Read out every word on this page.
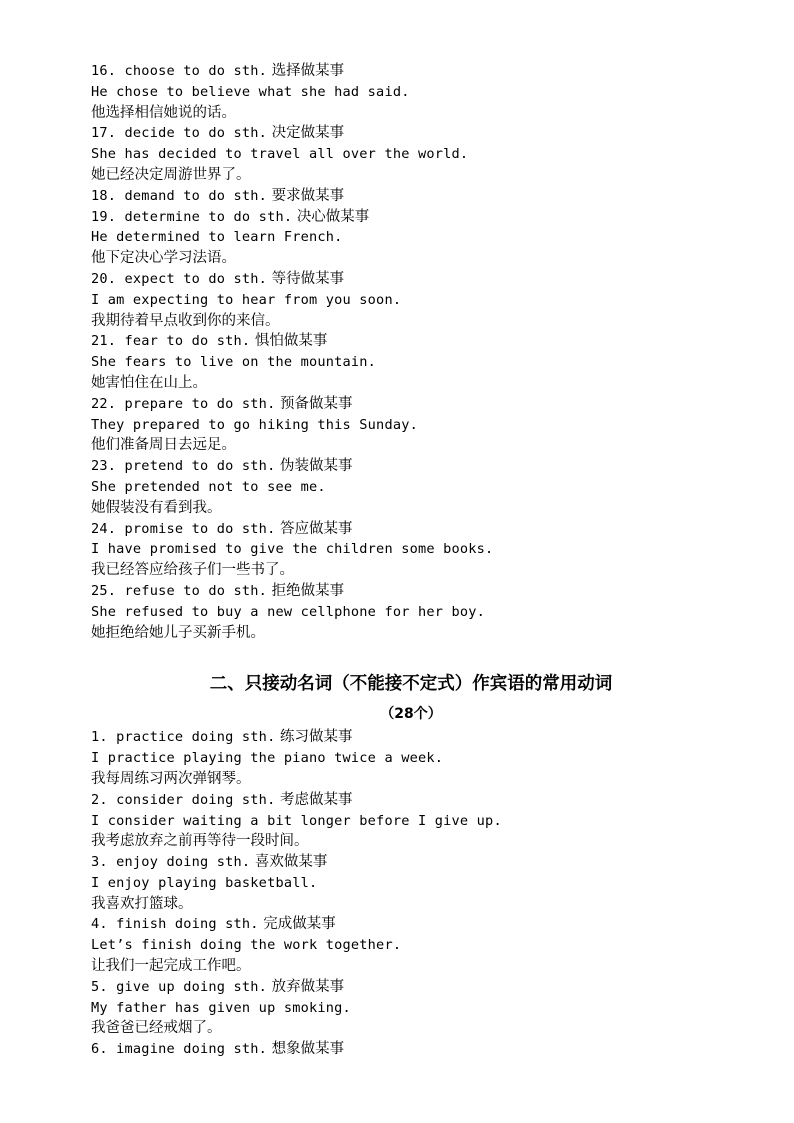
16. choose to do sth. 选择做某事
He chose to believe what she had said.
他选择相信她说的话。
17. decide to do sth. 决定做某事
She has decided to travel all over the world.
她已经决定周游世界了。
18. demand to do sth. 要求做某事
19. determine to do sth. 决心做某事
He determined to learn French.
他下定决心学习法语。
20. expect to do sth. 等待做某事
I am expecting to hear from you soon.
我期待着早点收到你的来信。
21. fear to do sth. 惧怕做某事
She fears to live on the mountain.
她害怕住在山上。
22. prepare to do sth. 预备做某事
They prepared to go hiking this Sunday.
他们准备周日去远足。
23. pretend to do sth. 伪装做某事
She pretended not to see me.
她假装没有看到我。
24. promise to do sth. 答应做某事
I have promised to give the children some books.
我已经答应给孩子们一些书了。
25. refuse to do sth. 拒绝做某事
She refused to buy a new cellphone for her boy.
她拒绝给她儿子买新手机。
二、只接动名词（不能接不定式）作宾语的常用动词
（28个）
1. practice doing sth. 练习做某事
I practice playing the piano twice a week.
我每周练习两次弹钢琴。
2. consider doing sth. 考虑做某事
I consider waiting a bit longer before I give up.
我考虑放弃之前再等待一段时间。
3. enjoy doing sth. 喜欢做某事
I enjoy playing basketball.
我喜欢打篮球。
4. finish doing sth. 完成做某事
Let’s finish doing the work together.
让我们一起完成工作吧。
5. give up doing sth. 放弃做某事
My father has given up smoking.
我爸爸已经戒烟了。
6. imagine doing sth. 想象做某事
